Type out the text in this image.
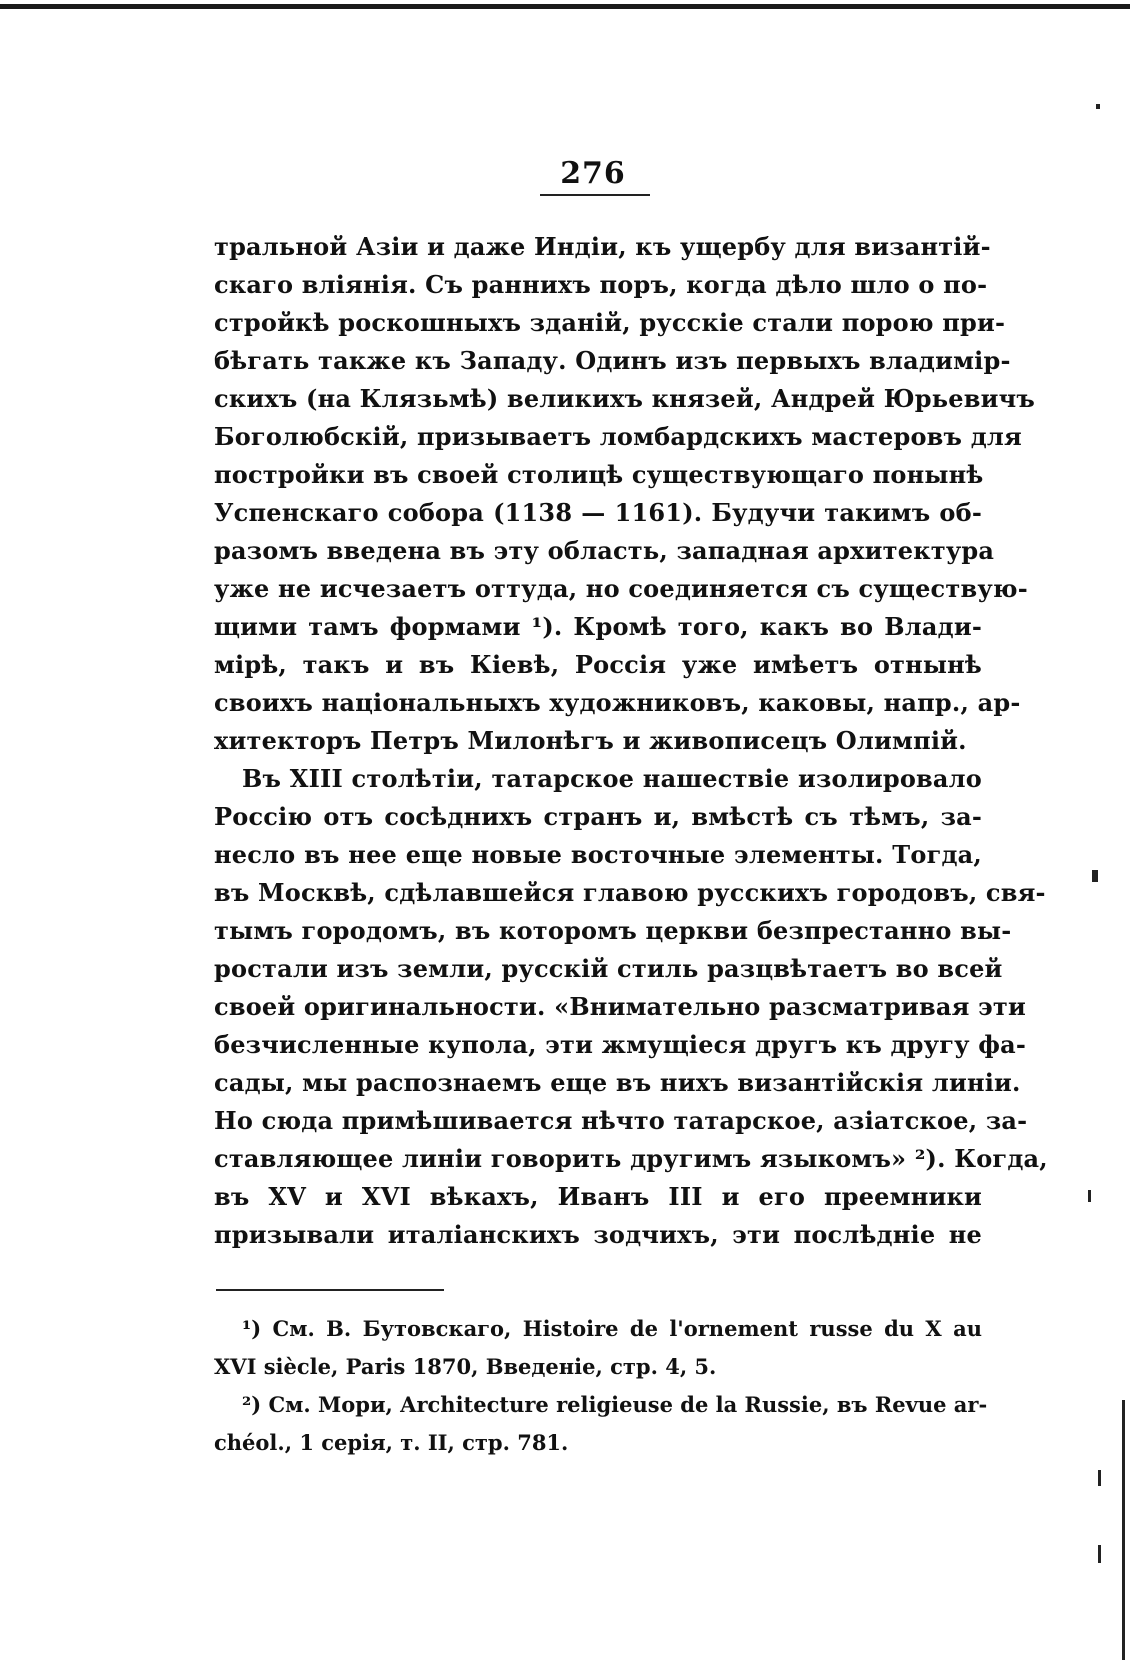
276
тральной Азіи и даже Индіи, къ ущербу для византій-
скаго вліянія. Съ раннихъ поръ, когда дѣло шло о по-
стройкѣ роскошныхъ зданій, русскіе стали порою при-
бѣгать также къ Западу. Одинъ изъ первыхъ владимір-
скихъ (на Клязьмѣ) великихъ князей, Андрей Юрьевичъ
Боголюбскій, призываетъ ломбардскихъ мастеровъ для
постройки въ своей столицѣ существующаго понынѣ
Успенскаго собора (1138 — 1161). Будучи такимъ об-
разомъ введена въ эту область, западная архитектура
уже не исчезаетъ оттуда, но соединяется съ существую-
щими тамъ формами ¹). Кромѣ того, какъ во Влади-
мірѣ, такъ и въ Кіевѣ, Россія уже имѣетъ отнынѣ
своихъ національныхъ художниковъ, каковы, напр., ар-
хитекторъ Петръ Милонѣгъ и живописецъ Олимпій.
Въ XIII столѣтіи, татарское нашествіе изолировало
Россію отъ сосѣднихъ странъ и, вмѣстѣ съ тѣмъ, за-
несло въ нее еще новые восточные элементы. Тогда,
въ Москвѣ, сдѣлавшейся главою русскихъ городовъ, свя-
тымъ городомъ, въ которомъ церкви безпрестанно вы-
ростали изъ земли, русскій стиль разцвѣтаетъ во всей
своей оригинальности. «Внимательно разсматривая эти
безчисленные купола, эти жмущіеся другъ къ другу фа-
сады, мы распознаемъ еще въ нихъ византійскія линіи.
Но сюда примѣшивается нѣчто татарское, азіатское, за-
ставляющее линіи говорить другимъ языкомъ» ²). Когда,
въ XV и XVI вѣкахъ, Иванъ III и его преемники
призывали италіанскихъ зодчихъ, эти послѣдніе не
¹) См. В. Бутовскаго, Histoire de l'ornement russe du X au
XVI siècle, Paris 1870, Введеніе, стр. 4, 5.
²) См. Мори, Architecture religieuse de la Russie, въ Revue ar-
chéol., 1 серія, т. II, стр. 781.
